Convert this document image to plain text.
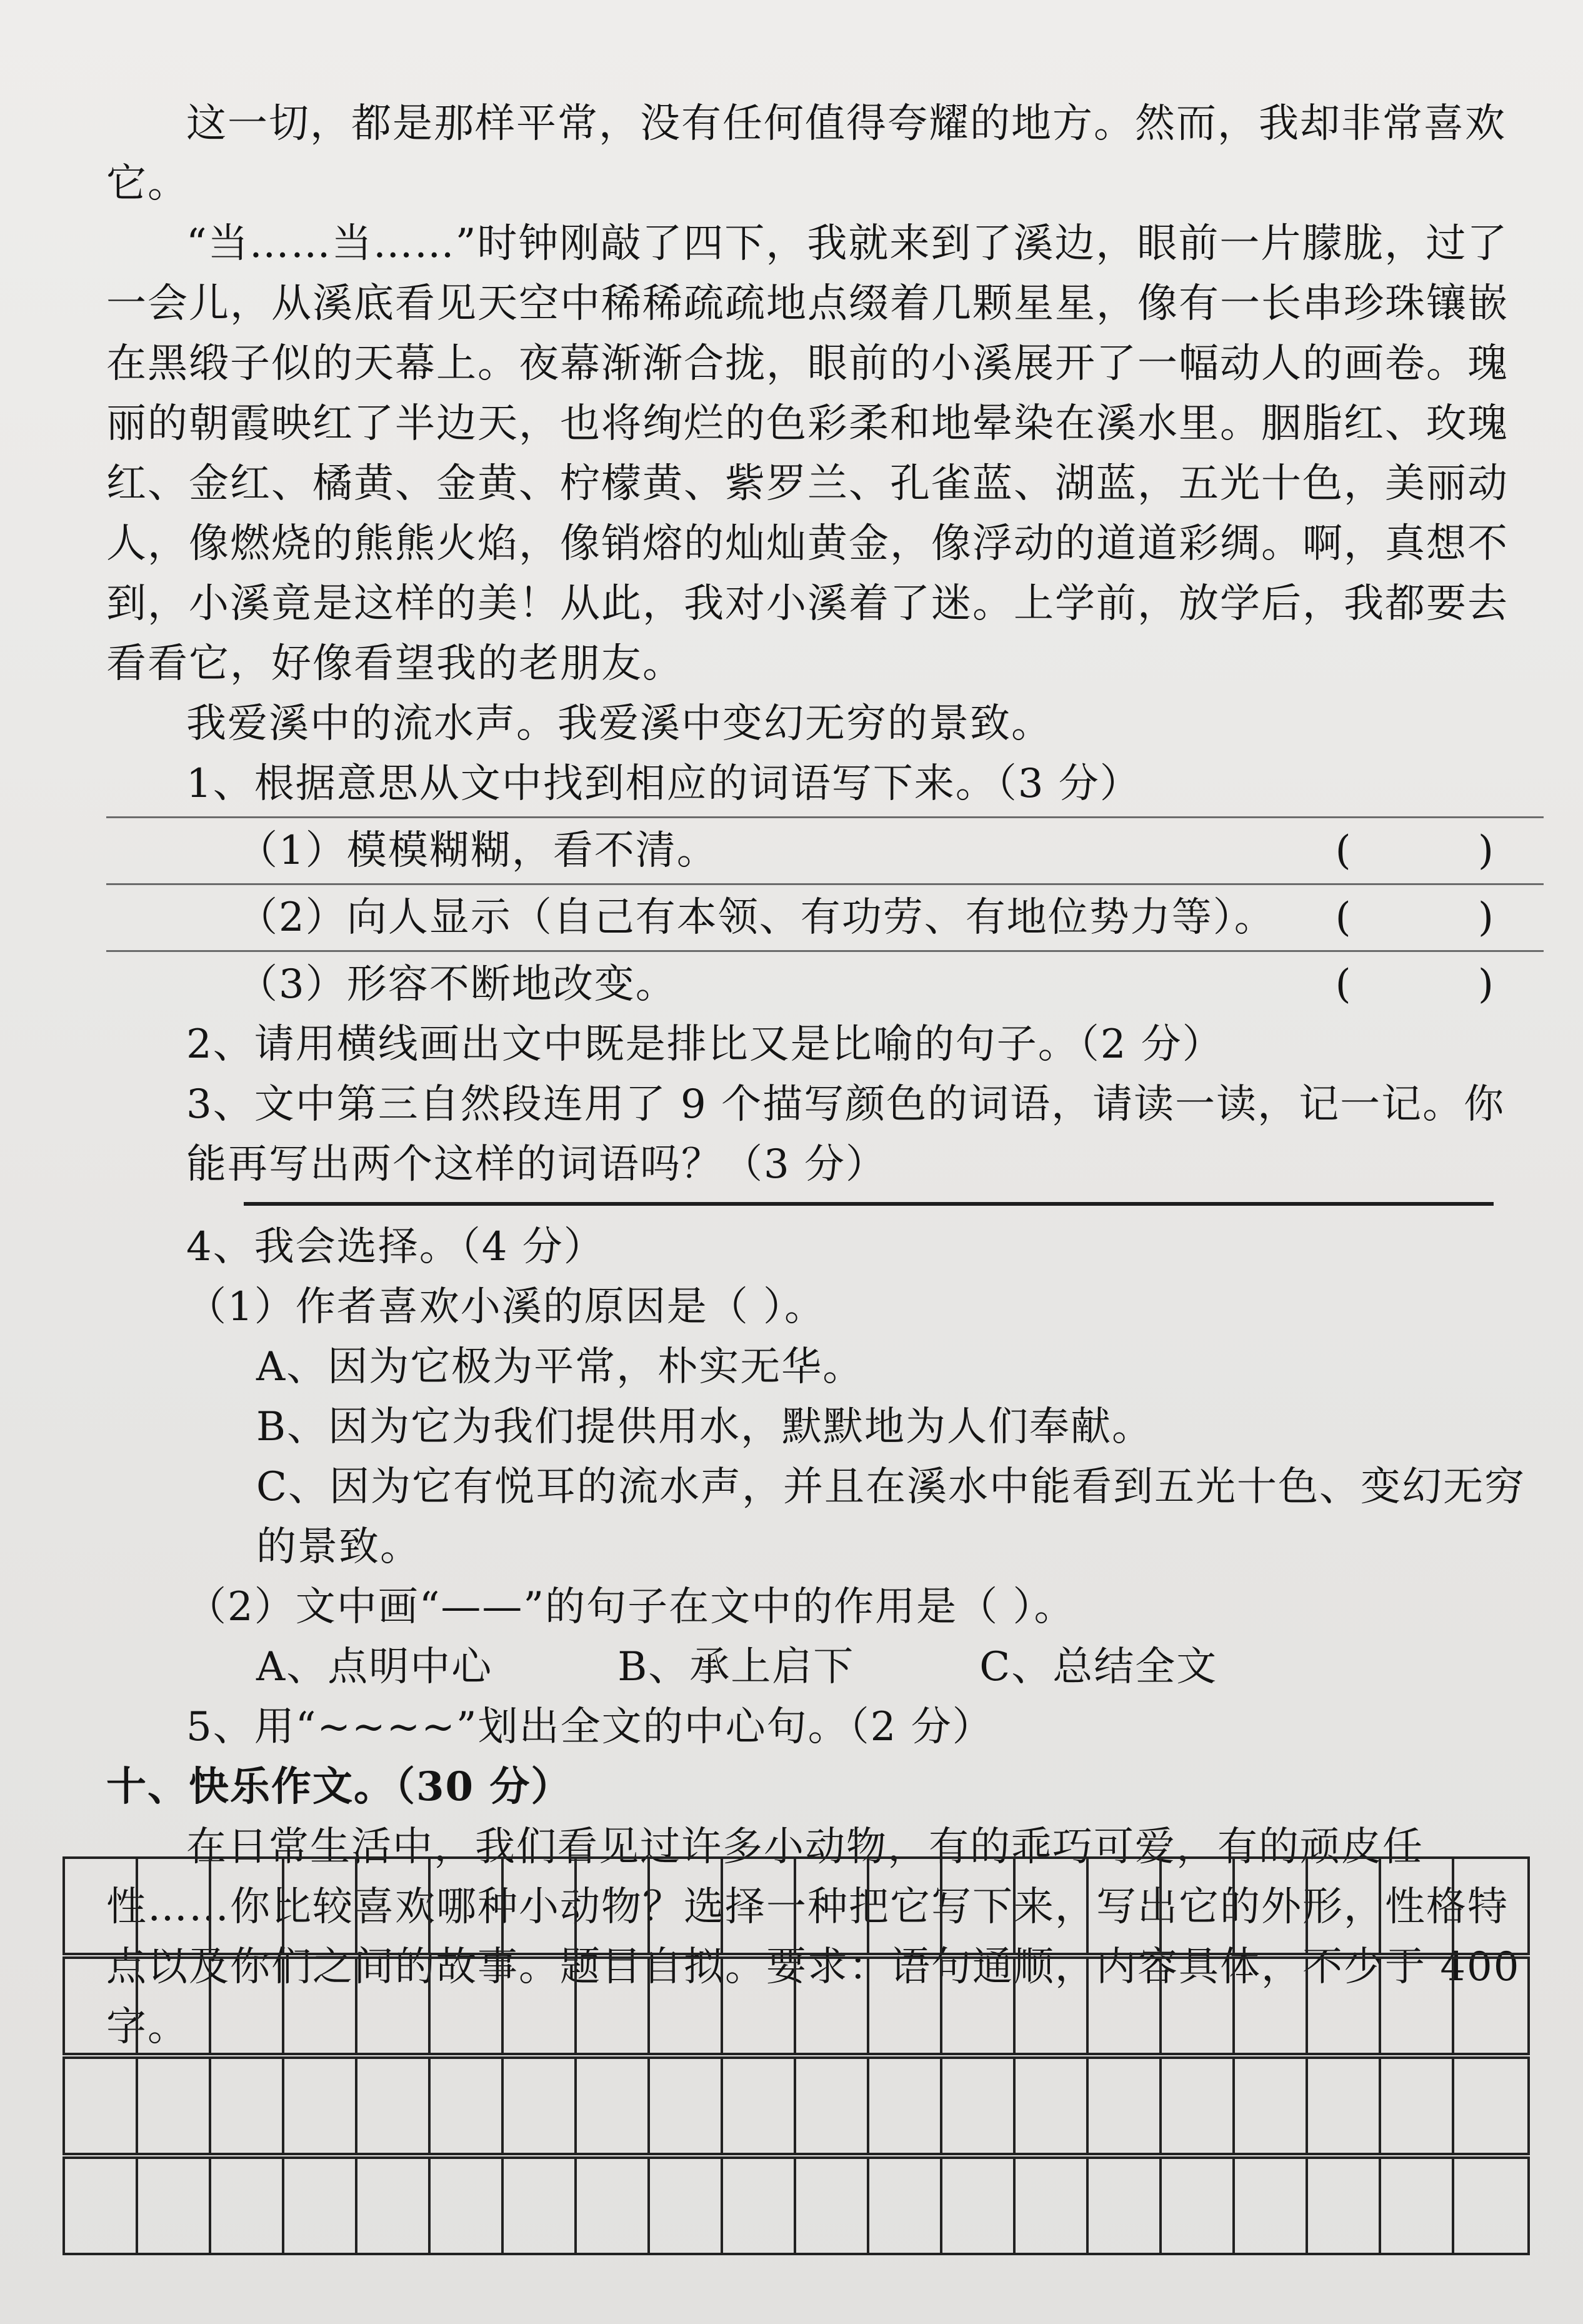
这一切，都是那样平常，没有任何值得夸耀的地方。然而，我却非常喜欢它。

“当……当……”时钟刚敲了四下，我就来到了溪边，眼前一片朦胧，过了一会儿，从溪底看见天空中稀稀疏疏地点缀着几颗星星，像有一长串珍珠镶嵌在黑缎子似的天幕上。夜幕渐渐合拢，眼前的小溪展开了一幅动人的画卷。瑰丽的朝霞映红了半边天，也将绚烂的色彩柔和地晕染在溪水里。胭脂红、玫瑰红、金红、橘黄、金黄、柠檬黄、紫罗兰、孔雀蓝、湖蓝，五光十色，美丽动人，像燃烧的熊熊火焰，像销熔的灿灿黄金，像浮动的道道彩绸。啊，真想不到，小溪竟是这样的美！从此，我对小溪着了迷。上学前，放学后，我都要去看看它，好像看望我的老朋友。

我爱溪中的流水声。我爱溪中变幻无穷的景致。

1、根据意思从文中找到相应的词语写下来。（3 分）

（1）模模糊糊，看不清。	(          )
（2）向人显示（自己有本领、有功劳、有地位势力等）。 (          )
（3）形容不断地改变。	(          )

2、请用横线画出文中既是排比又是比喻的句子。（2 分）

3、文中第三自然段连用了 9 个描写颜色的词语，请读一读，记一记。你能再写出两个这样的词语吗？（3 分）

4、我会选择。（4 分）

（1）作者喜欢小溪的原因是（ ）。

A、因为它极为平常，朴实无华。

B、因为它为我们提供用水，默默地为人们奉献。

C、因为它有悦耳的流水声，并且在溪水中能看到五光十色、变幻无穷的景致。

（2）文中画“——”的句子在文中的作用是（ ）。

A、点明中心	B、承上启下	C、总结全文

5、用“~~~~”划出全文的中心句。（2 分）

十、快乐作文。（30 分）

在日常生活中，我们看见过许多小动物，有的乖巧可爱，有的顽皮任性……你比较喜欢哪种小动物？选择一种把它写下来，写出它的外形，性格特点以及你们之间的故事。题目自拟。要求：语句通顺，内容具体，不少于 400 字。
